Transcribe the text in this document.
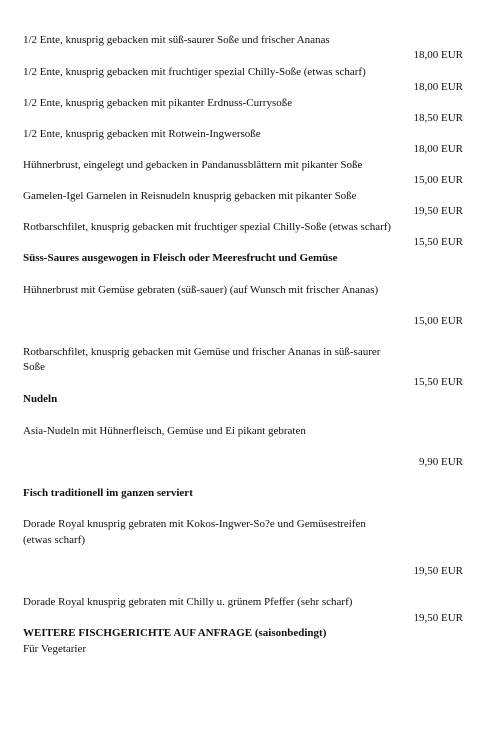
1/2 Ente, knusprig gebacken mit süß-saurer Soße und frischer Ananas
18,00 EUR
1/2 Ente, knusprig gebacken mit fruchtiger spezial Chilly-Soße (etwas scharf)
18,00 EUR
1/2 Ente, knusprig gebacken mit pikanter Erdnuss-Currysoße
18,50 EUR
1/2 Ente, knusprig gebacken mit Rotwein-Ingwersoße
18,00 EUR
Hühnerbrust, eingelegt und gebacken in Pandanussblättern mit pikanter Soße
15,00 EUR
Gamelen-Igel Garnelen in Reisnudeln knusprig gebacken mit pikanter Soße
19,50 EUR
Rotbarschfilet, knusprig gebacken mit fruchtiger spezial Chilly-Soße (etwas scharf)
15,50 EUR
Süss-Saures ausgewogen in Fleisch oder Meeresfrucht und Gemüse
Hühnerbrust mit Gemüse gebraten (süß-sauer) (auf Wunsch mit frischer Ananas)
15,00 EUR
Rotbarschfilet, knusprig gebacken mit Gemüse und frischer Ananas in süß-saurer
Soße
15,50 EUR
Nudeln
Asia-Nudeln mit Hühnerfleisch, Gemüse und Ei pikant gebraten
9,90 EUR
Fisch traditionell im ganzen serviert
Dorade Royal knusprig gebraten mit Kokos-Ingwer-So?e und Gemüsestreifen
(etwas scharf)
19,50 EUR
Dorade Royal knusprig gebraten mit Chilly u. grünem Pfeffer (sehr scharf)
19,50 EUR
WEITERE FISCHGERICHTE AUF ANFRAGE (saisonbedingt)
Für Vegetarier
